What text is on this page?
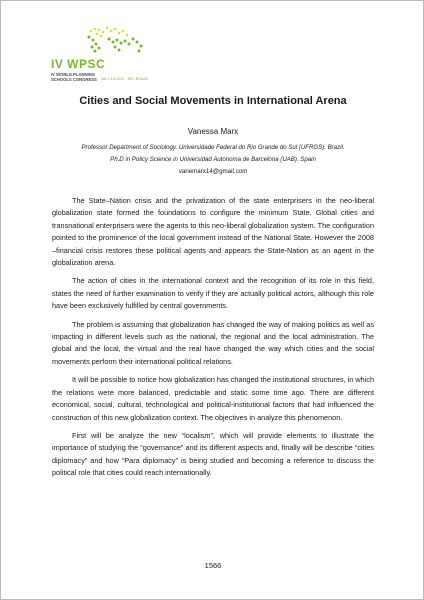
IV WPSC
IV WORLD PLANNING
SCHOOLS CONGRESS JULY 4-8 2011 · RIO, BRAZIL
Cities and Social Movements in International Arena
Vanessa Marx
Professor Department of Sociology. Universidade Federal do Rio Grande do Sul (UFRGS). Brazil.
Ph.D in Policy Science in Universidad Autonoma de Barcelona (UAB). Spain
vanemarx14@gmail.com

The State–Nation crisis and the privatization of the state enterprisers in the neo-liberal globalization state formed the foundations to configure the minimum State. Global cities and transnational enterprisers were the agents to this neo-liberal globalization system. The configuration pointed to the prominence of the local government instead of the National State. However the 2008 –financial crisis restores these political agents and appears the State-Nation as an agent in the globalization arena.

The action of cities in the international context and the recognition of its role in this field, states the need of further examination to verify if they are actually political actors, although this role have been exclusively fulfilled by central governments.

The problem is assuming that globalization has changed the way of making politics as well as impacting in different levels such as the national, the regional and the local administration. The global and the local, the virtual and the real have changed the way which cities and the social movements perform their international political relations.

It will be possible to notice how globalization has changed the institutional structures, in which the relations were more balanced, predictable and static some time ago. There are different economical, social, cultural, technological and political-institutional factors that had influenced the construction of this new globalization context. The objectives in analyze this phenomenon.

First will be analyze the new “localism”, which will provide elements to illustrate the importance of studying the “governance” and its different aspects and, finally will be describe “cities diplomacy” and how “Para diplomacy” is being studied and becoming a reference to discuss the political role that cities could reach internationally.

1566
